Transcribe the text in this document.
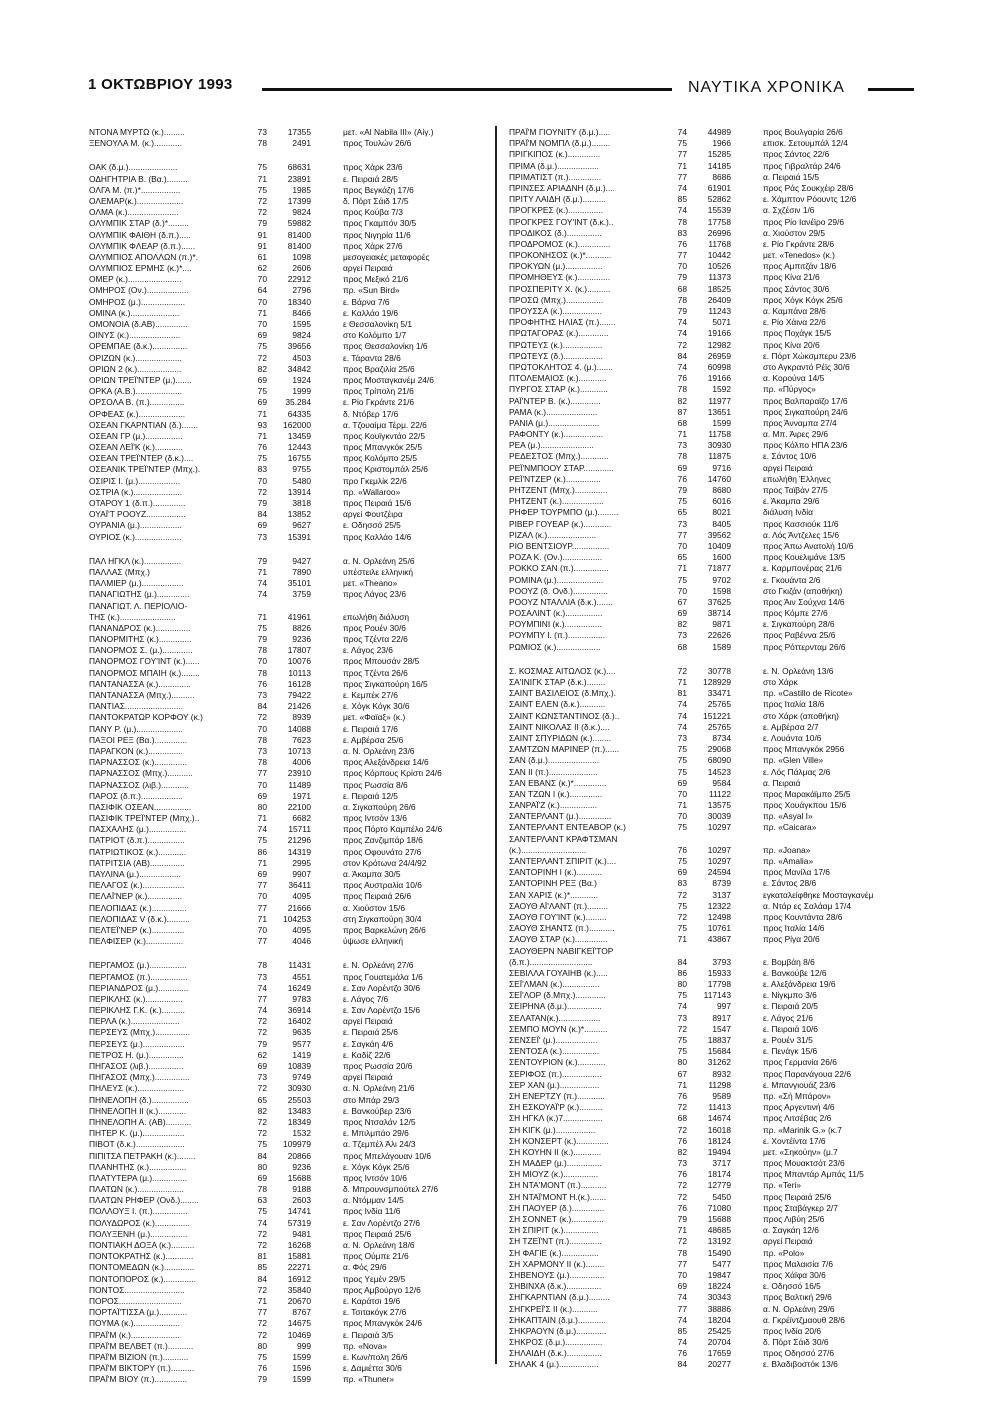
1 ΟΚΤΩΒΡΙΟΥ 1993	ΝΑΥΤΙΚΑ ΧΡΟΝΙΚΑ
ΝΤΟΝΑ ΜΥΡΤΩ (κ.).........	73	17355	μετ. «Al Nabila III» (Αίγ.)
ΞΕΝΟΥΛΑ Μ. (κ.)............	78	2491	προς Τουλών 26/6
ΟΑΚ (δ.μ.).....................	75	68631	προς Χάρκ 23/6
ΟΔΗΓΗΤΡΙΑ Β. (Βα.).........	71	23891	ε. Πειραιά 28/5
ΟΛΓΑ Μ. (π.)*.................	75	1985	προς Βεγκάζη 17/6
ΟΛΕΜΑΡ(κ.)....................	72	17399	δ. Πόρτ Σάιδ 17/5
ΟΛΜΑ (κ.)......................	72	9824	προς Κούβα 7/3
ΟΛΥΜΠΙΚ ΣΤΑΡ (δ.)*.........	79	59882	προς Γκαμπόν 30/5
ΟΛΥΜΠΙΚ ΦΑΙΘΗ (δ.π.).....	91	81400	προς Νιγηρία 11/6
ΟΛΥΜΠΙΚ ΦΛΕΑΡ (δ.π.)......	91	81400	προς Χάρκ 27/6
ΟΛΥΜΠΙΟΣ ΑΠΟΛΛΩΝ (π.)*.	61	1098	μεσογειακές μεταφορές
ΟΛΥΜΠΙΟΣ ΕΡΜΗΣ (κ.)*....	62	2606	αργεί Πειραιά
ΟΜΕΡ (κ.).......................	70	22912	προς Μεξικό 21/6
ΟΜΗΡΟΣ (Ον.)..................	64	2796	πρ. «Sun Bird»
ΟΜΗΡΟΣ (μ.)...................	70	18340	ε. Βάρνα 7/6
ΟΜΙΝΑ (κ.).....................	71	8466	ε. Καλλάο 19/6
ΟΜΟΝΟΙΑ (δ.ΑΒ)..............	70	1595	ε Θεσσαλονίκη 5/1
ΟΙΝΥΣ (κ.)......................	69	9824	στο Κολόμπο 1/7
ΟΡΕΜΠΑΕ (δ.κ.)...............	75	39656	προς Θεσσαλονίκη 1/6
ΟΡΙΖΩΝ (κ.)....................	72	4503	ε. Τάραντα 28/6
ΟΡΙΩΝ 2 (κ.)...................	82	34842	προς Βραζιλία 25/6
ΟΡΙΩΝ ΤΡΕΪ'ΝΤΕΡ (μ.).......	69	1924	προς Μοσταγκανέμ 24/6
ΟΡΚΑ (Α.Β.)....................	75	1999	προς Τρίπολη 21/6
ΟΡΣΟΛΑ Β. (π.)...............	69	35.284	ε. Ρίο Γκράντε 21/6
ΟΡΦΕΑΣ (κ.)....................	71	64335	δ. Ντόβερ 17/6
ΟΣΕΑΝ ΓΚΑΡΝΤΙΑΝ (δ.).......	93	162000	α. Τζουαίμα Τέρμ. 22/6
ΟΣΕΑΝ ΓΡ (μ.)................	71	13459	προς Κουϊγκντάο 22/5
ΟΣΕΑΝ ΛΕΪ'Κ (κ.)............	76	12443	προς Μπανγκόκ 25/5
ΟΣΕΑΝ ΤΡΕΪ'ΝΤΕΡ (δ.κ.)....	75	16755	προς Κολόμπο 25/5
ΟΣΕΑΝΙΚ ΤΡΕΪ'ΝΤΕΡ (Μπχ.).	83	9755	προς Κριστομπάλ 25/6
ΟΣΙΡΙΣ Ι. (μ.)..................	70	5480	προ Γκεμλίκ 22/6
ΟΣΤΡΙΑ (κ.).....................	72	13914	πρ. «Wallaroo»
ΟΤΑΡΟΥ 1 (δ.π.)..............	79	3818	προς Πειραιά 15/6
ΟΥΑΪ'Τ ΡΟΟΥΖ.................	84	13852	αργεί Φουτζέιρα
ΟΥΡΑΝΙΑ (μ.)..................	69	9627	ε. Οδησσό 25/5
ΟΥΡΙΟΣ (κ.)....................	73	15391	προς Καλλάο 14/6
ΠΑΛ ΗΓΚΛ (κ.)................	79	9427	α. Ν. Ορλεάνη 25/6
ΠΑΛΛΑΣ (Μπχ.)	71	7890	υπέστειλε ελληνική
ΠΑΛΜΙΕΡ (μ.)..................	74	35101	μετ. «Theano»
ΠΑΝΑΓΙΩΤΗΣ (μ.)..............	74	3759	προς Λάγος 23/6
ΠΑΝΑΓΙΩΤ. Λ. ΠΕΡΙΟΛΙΟ-
ΤΗΣ (κ.)........................	71	41961	επωλήθη διάλυση
ΠΑΝΑΝΔΡΟΣ (κ.)...............	75	8826	προς Ρουέν 30/6
ΠΑΝΟΡΜΙΤΗΣ (κ.)..............	79	9236	προς Τζέντα 22/6
ΠΑΝΟΡΜΟΣ Σ. (μ.).............	78	17807	ε. Λάγος 23/6
ΠΑΝΟΡΜΟΣ ΓΟΥ'ΙΝΤ (κ.)......	70	10076	προς Μπουσάν 28/5
ΠΑΝΟΡΜΟΣ ΜΠΑΙΗ (κ.)........	78	10113	προς Τζέντα 26/6
ΠΑΝΤΑΝΑΣΣΑ (κ.)..............	76	16128	προς Σιγκαπούρη 16/5
ΠΑΝΤΑΝΑΣΣΑ (Μπχ.)..........	73	79422	ε. Κεμπέκ 27/6
ΠΑΝΤΙΑΣ.........................	84	21426	ε. Χόγκ Κόγκ 30/6
ΠΑΝΤΟΚΡΑΤΩΡ ΚΟΡΦΟΥ (κ.)	72	8939	μετ. «Φαϊαξ» (κ.)
ΠΑΝΥ Ρ. (μ.)....................	70	14088	ε. Πειραιά 17/6
ΠΑΞΟΙ ΡΕΞ (Βα.)..............	78	7623	ε. Αμβέρσα 25/6
ΠΑΡΑΓΚΟΝ (κ.)...............	73	10713	α. Ν. Ορλεάνη 23/6
ΠΑΡΝΑΣΣΟΣ (κ.)..............	78	4006	προς Αλεξάνδρεια 14/6
ΠΑΡΝΑΣΣΟΣ (Μπχ.)...........	77	23910	προς Κόρπους Κρίστι 24/6
ΠΑΡΝΑΣΣΟΣ (λιβ.)............	70	11489	προς Ρωσσία 8/6
ΠΑΡΟΣ (δ.π.)..................	69	1971	ε. Πειραιά 12/5
ΠΑΣΙΦΙΚ ΟΣΕΑΝ................	80	22100	α. Σιγκαπούρη 26/6
ΠΑΣΙΦΙΚ ΤΡΕΪ'ΝΤΕΡ (Μπχ.)..	71	6682	προς Ιντσόν 13/6
ΠΑΣΧΑΛΗΣ (μ.)................	74	15711	προς Πόρτο Καμπέλο 24/6
ΠΑΤΡΙΟΤ (δ.π.)................	75	21296	προς Ζανζιμπάρ 18/6
ΠΑΤΡΙΩΤΙΚΟΣ (κ.)............	86	14319	προς Οφουνάτο 27/6
ΠΑΤΡΙΤΣΙΑ (ΑΒ)...............	71	2995	στον Κρότωνα 24/4/92
ΠΑΥΛΙΝΑ (μ.)..................	69	9907	α. Άκαμπα 30/5
ΠΕΛΑΓΟΣ (κ.)..................	77	36411	προς Αυστραλία 10/6
ΠΕΛΑΪ'ΝΕΡ (κ.)...............	70	4095	προς Πειραιά 26/6
ΠΕΛΟΠΙΔΑΣ (κ.)...............	77	21666	α. Χιούστον 15/6
ΠΕΛΟΠΙΔΑΣ V (δ.κ.)..........	71	104253	στη Σιγκαπούρη 30/4
ΠΕΛΤΕΪ'ΝΕΡ (κ.)..............	70	4095	προς Βαρκελώνη 26/6
ΠΕΛΦΙΣΕΡ (κ.)................	77	4046	ύψωσε ελληνική
ΠΕΡΓΑΜΟΣ (μ.)................	78	11431	ε. Ν. Ορλεάνη 27/6
ΠΕΡΓΑΜΟΣ (π.)................	73	4551	προς Γουατεμάλα 1/6
ΠΕΡΙΑΝΔΡΟΣ (μ.).............	74	16249	ε. Σαν Λορέντζο 30/6
ΠΕΡΙΚΛΗΣ (κ.)................	77	9783	ε. Λάγος 7/6
ΠΕΡΙΚΛΗΣ Γ.Κ. (κ.)..........	74	36914	ε. Σαν Λορέντζο 15/6
ΠΕΡΛΑ (κ.).....................	72	16402	αργεί Πειραιά
ΠΕΡΣΕΥΣ (Μπχ.)...............	72	9635	ε. Πειραιά 25/6
ΠΕΡΣΕΥΣ (μ.)..................	79	9577	ε. Σαγκάη 4/6
ΠΕΤΡΟΣ Η. (μ.)...............	62	1419	ε. Καδίζ 22/6
ΠΗΓΑΣΟΣ (λιβ.)...............	69	10839	προς Ρωσσία 20/6
ΠΗΓΑΣΟΣ (Μπχ.)...............	73	9749	αργεί Πειραιά
ΠΗΛΕΥΣ (κ.)....................	72	30930	α. Ν. Ορλεάνη 21/6
ΠΗΝΕΛΟΠΗ (δ.)................	65	25503	στο Μπάρ 29/3
ΠΗΝΕΛΟΠΗ ΙΙ (κ.)............	82	13483	ε. Βανκούβερ 23/6
ΠΗΝΕΛΟΠΗ Α. (ΑΒ)...........	72	18349	προς Ντσαλάν 12/5
ΠΗΤΕΡ Κ. (μ.)..................	72	1532	ε. Μπιλμπάο 29/6
ΠΙΒΟΤ (δ.κ.).....................	75	109979	α. Τζεμπέλ Άλι 24/3
ΠΙΠΙΤΣΑ ΠΕΤΡΑΚΗ (κ.)........	84	20866	προς Μπελάγουαν 10/6
ΠΛΑΝΗΤΗΣ (κ.)................	80	9236	ε. Χόγκ Κόγκ 25/6
ΠΛΑΤΥΤΕΡΑ (μ.)...............	69	15688	προς Ιντσόν 10/6
ΠΛΑΤΩΝ (κ.)....................	78	9188	δ. Μπρουνσμπούτελ 27/6
ΠΛΑΤΩΝ ΡΗΦΕΡ (Ονδ.)........	63	2603	α. Ντόμμαν 14/5
ΠΟΛΛΟΥΞ Ι. (π.)...............	75	14741	προς Ινδία 11/6
ΠΟΛΥΔΩΡΟΣ (κ.)...............	74	57319	ε. Σαν Λορέντζο 27/6
ΠΟΛΥΞΕΝΗ (μ.)................	72	9481	προς Πειραιά 25/6
ΠΟΝΤΙΑΚΗ ΔΟΞΑ (κ.)..........	72	16268	α. Ν. Ορλεάνη 18/6
ΠΟΝΤΟΚΡΑΤΗΣ (κ.)............	81	15881	προς Ούμπε 21/6
ΠΟΝΤΟΜΕΔΩΝ (κ.).............	85	22271	α. Φός 29/6
ΠΟΝΤΟΠΟΡΟΣ (κ.)..............	84	16912	προς Υεμέν 29/5
ΠΟΝΤΟΣ..........................	72	35840	προς Αμβούργο 12/6
ΠΟΡΟΣ...........................	71	20670	ε. Καράτσι 19/6
ΠΟΡΤΑΪ'ΤΙΣΣΑ (μ.)............	77	8767	ε. Τσιτακόγκ 27/6
ΠΟΥΜΑ (κ.)....................	72	14675	προς Μπανγκόκ 24/6
ΠΡΑΪ'Μ (κ.).....................	72	10469	ε. Πειραιά 3/5
ΠΡΑΪ'Μ ΒΕΛΒΕΤ (π.)...........	80	999	πρ. «Nova»
ΠΡΑΪ'Μ ΒΙΖΙΟΝ (π.)...........	75	1599	ε. Κων/πολη 26/6
ΠΡΑΪ'Μ ΒΙΚΤΟΡΥ (π.)..........	76	1596	ε. Δαμιέττα 30/6
ΠΡΑΪ'Μ ΒΙΟΥ (π.)..............	79	1599	πρ. «Thuner»
ΠΡΑΪ'Μ ΓΙΟΥΝΙΤΥ (δ.μ.).....	74	44989	προς Βουλγαρία 26/6
ΠΡΑΪ'Μ ΝΟΜΠΛ (δ.μ.)........	75	1966	επισκ. Σετουμπάλ 12/4
ΠΡΙΓΚΙΠΟΣ (κ.)..............	77	15285	προς Σάντος 22/6
ΠΡΙΜΑ (δ.μ.)..................	71	14185	προς Γιβραλτάρ 24/6
ΠΡΙΜΑΤΙΣΤ (π.)..............	77	8686	α. Πειραιά 15/5
ΠΡΙΝΣΕΣ ΑΡΙΑΔΝΗ (δ.μ.)....	74	61901	προς Ράς Σουκχέιρ 28/6
ΠΡΙΤΥ ΛΑΙΔΗ (δ.μ.)..........	85	52862	ε. Χάμπτον Ρόουντς 12/6
ΠΡΟΓΚΡΕΣ (κ.)...............	74	15539	α. Σχζέσιν 1/6
ΠΡΟΓΚΡΕΣ ΓΟΥ'ΙΝΤ (δ.κ.)..	78	17758	προς Ρίο Ιανέϊρο 29/6
ΠΡΟΔΙΚΟΣ (δ.)...............	83	26996	α. Χιούστον 29/5
ΠΡΟΔΡΟΜΟΣ (κ.)..............	76	11768	ε. Ρίο Γκράντε 28/6
ΠΡΟΚΟΝΗΣΟΣ (κ.)*...........	77	10442	μετ. «Tenedos» (κ.)
ΠΡΟΚΥΩΝ (μ.)................	70	10526	προς Αμπιτζάν 18/6
ΠΡΟΜΗΘΕΥΣ (κ.)..............	79	11373	προς Κίνα 21/6
ΠΡΟΣΠΕΡΙΤΥ Χ. (κ.)..........	68	18525	προς Σάντος 30/6
ΠΡΟΣΩ (Μπχ.)................	78	26409	προς Χόγκ Κόγκ 25/6
ΠΡΟΥΣΣΑ (κ.).................	79	11243	α. Καμπάνα 28/6
ΠΡΟΦΗΤΗΣ ΗΛΙΑΣ (π.).......	74	5071	ε. Ρίο Χάινα 22/6
ΠΡΩΤΑΓΟΡΑΣ (κ.).............	74	19166	προς Ποχάγκ 15/5
ΠΡΩΤΕΥΣ (κ.).................	72	12982	προς Κίνα 20/6
ΠΡΩΤΕΥΣ (δ.).................	84	26959	ε. Πόρτ Χώκσμπερυ 23/6
ΠΡΩΤΟΚΛΗΤΟΣ 4. (μ.).......	74	60998	στο Αγκραντό Ρέϊς 30/6
ΠΤΟΛΕΜΑΙΟΣ (κ.)............	76	19166	α. Κορούνα 14/5
ΠΥΡΓΟΣ ΣΤΑΡ (κ.)............	78	1592	πρ. «Πύργος»
ΡΑΪ'ΝΤΕΡ Β. (κ.).............	82	11977	προς Βαλπαραϊζο 17/6
ΡΑΜΑ (κ.)......................	87	13651	προς Σιγκαπούρη 24/6
ΡΑΝΙΑ (μ.)......................	68	1599	προς Άνναμπα 27/4
ΡΑΦΟΝΤΥ (κ.).................	71	11758	α. Μπ. Άιρες 29/6
ΡΕΑ (μ.).......................	73	30930	προς Κόλπο ΗΠΑ 23/6
ΡΕΔΕΣΤΟΣ (Μπχ.)............	78	11875	ε. Σάντος 10/6
ΡΕΪ'ΝΜΠΟΟΥ ΣΤΑΡ.............	69	9716	αργεί Πειραιά
ΡΕΪ'ΝΤΖΕΡ (κ.)...............	76	14760	επωλήθη Έλληνες
ΡΗΤΖΕΝΤ (Μπχ.)..............	79	8680	προς Ταϊβάν 27/5
ΡΗΤΖΕΝΤ (κ.)..................	75	6016	ε. Άκαμπα 29/6
ΡΗΦΕΡ ΤΟΥΡΜΠΟ (μ.).........	65	8021	διάλυση Ινδία
ΡΙΒΕΡ ΓΟΥΕΑΡ (κ.)............	73	8405	προς Κασσιούκ 11/6
ΡΙΖΑΛ (κ.).....................	77	39562	α. Λός Άντζελες 15/6
ΡΙΟ ΒΕΝΤΣΙΟΥΡ................	70	10409	προς Άπω Ανατολή 10/6
ΡΟΖΑ Κ. (Ον.).................	65	1600	προς Κουελιμάνε 13/5
ΡΟΚΚΟ ΣΑΝ (π.)...............	71	71877	ε. Καρμπονέρας 21/6
ΡΟΜΙΝΑ (μ.)....................	75	9702	ε. Γκουάντα 2/6
ΡΟΟΥΖ (δ. Ονδ.)...............	70	1598	στο Γκιζάν (αποθήκη)
ΡΟΟΥΖ ΝΤΑΛΛΙΑ (δ.κ.).......	67	37625	προς Άιν Σούχνα 14/6
ΡΟΣΑΛΙΝΤ (κ.)................	69	38714	προς Κόμπε 27/6
ΡΟΥΜΠΙΝΙ (κ.)................	82	9871	ε. Σιγκαπούρη 28/6
ΡΟΥΜΠΥ Ι. (π.)................	73	22626	προς Ραβέννα 25/6
ΡΩΜΙΟΣ (κ.)...................	68	1589	προς Ρόττερνταμ 26/6
Σ. ΚΟΣΜΑΣ ΑΙΤΩΛΟΣ (κ.)....	72	30778	ε. Ν. Ορλεάνη 13/6
ΣΑ'ΙΝΙΓΚ ΣΤΑΡ (δ.κ.)........	71	128929	στο Χάρκ
ΣΑΙΝΤ ΒΑΣΙΛΕΙΟΣ (δ.Μπχ.).	81	33471	πρ. «Castillo de Ricote»
ΣΑΙΝΤ ΕΛΕΝ (δ.κ.)...........	74	25765	προς Ιταλία 18/6
ΣΑΙΝΤ ΚΩΝΣΤΑΝΤΙΝΟΣ (δ.)..	74	151221	στο Χάρκ (αποθήκη)
ΣΑΙΝΤ ΝΙΚΟΛΑΣ ΙΙ (δ.κ.)....	74	25765	ε. Αμβέρσα 2/7
ΣΑΙΝΤ ΣΠΥΡΙΔΩΝ (κ.)........	73	8734	ε. Λουάντα 10/6
ΣΑΜΤΖΩΝ ΜΑΡΙΝΕΡ (π.)......	75	29068	προς Μπανγκόκ 2956
ΣΑΝ (δ.μ.)......................	75	68090	πρ. «Glen Ville»
ΣΑΝ ΙΙ (π.).....................	75	14523	ε. Λός Πάλμας 2/6
ΣΑΝ ΕΒΑΝΣ (κ.)*..............	69	9584	α. Πειραιά
ΣΑΝ ΤΖΩΝ Ι (κ.)..............	70	11122	προς Μαρακάϊμπο 25/5
ΣΑΝΡΑΪ'Ζ (κ.)................	71	13575	προς Χουάγκπου 15/6
ΣΑΝΤΕΡΛΑΝΤ (μ.)..............	70	30039	πρ. «Asyal I»
ΣΑΝΤΕΡΛΑΝΤ ΕΝΤΕΑΒΟΡ (κ.)	75	10297	πρ. «Caicara»
ΣΑΝΤΕΡΛΑΝΤ ΚΡΑΦΤΣΜΑΝ
(κ.)............................	76	10297	πρ. «Joana»
ΣΑΝΤΕΡΛΑΝΤ ΣΠΙΡΙΤ (κ.)....	75	10297	πρ. «Amalia»
ΣΑΝΤΟΡΙΝΗ Ι (κ.)...........	69	24594	προς Μανίλα 17/6
ΣΑΝΤΟΡΙΝΗ ΡΕΞ (Βα.)	83	8739	ε. Σάντος 28/6
ΣΑΝ ΧΑΡΙΣ (κ.)*............	72	3137	εγκαταλείφθηκε Μοσταγκανέμ
ΣΑΟΥΘ ΑΪ'ΛΑΝΤ (π.).........	75	12322	α. Ντάρ ες Σαλάαμ 17/4
ΣΑΟΥΘ ΓΟΥ'ΙΝΤ (κ.).........	72	12498	προς Κουντάντα 28/6
ΣΑΟΥΘ ΣΗΑΝΤΣ (π.)...........	75	10761	προς Ιταλία 14/6
ΣΑΟΥΘ ΣΤΑΡ (κ.)..............	71	43867	προς Ρίγα 20/6
ΣΑΟΥΘΕΡΝ ΝΑΒΙΓΚΕΪ'ΤΟΡ
(δ.π.)...........................	84	3793	ε. Βομβάη 8/6
ΣΕΒΙΛΛΑ ΓΟΥΑΙΗΒ (κ.).....	86	15933	ε. Βανκούβε 12/6
ΣΕΪ'ΛΜΑΝ (κ.)................	80	17798	ε. Αλεξάνδρεια 19/6
ΣΕΪ'ΛΟΡ (δ.Μπχ.).............	75	117143	ε. Νίγκμπο 3/6
ΣΕΙΡΗΝΑ (δ.μ.)...............	74	997	ε. Πειραιά 20/5
ΣΕΛΑΤΑΝ(κ.)..................	73	8917	ε. Λάγος 21/6
ΣΕΜΠΟ ΜΟΥΝ (κ.)*..........	72	1547	ε. Πειραιά 10/6
ΣΕΝΣΕΪ' (μ.)..................	75	18837	ε. Ρουέν 31/5
ΣΕΝΤΟΣΑ (κ.)................	75	15684	ε. Πενάγκ 15/6
ΣΕΝΤΟΥΡΙΟΝ (κ.)............	80	31262	προς Γερμανία 26/6
ΣΕΡΙΦΟΣ (π.).................	67	8932	προς Παρανάγουα 22/6
ΣΕΡ ΧΑΝ (μ.).................	71	11298	ε. Μπανγιουάζ 23/6
ΣΗ ΕΝΕΡΤΖΥ (π.)............	76	9589	πρ. «Σή Μπάρον»
ΣΗ ΕΣΚΟΥΑΪ'Ρ (κ.)..........	72	11413	προς Αργεντινή 4/6
ΣΗ ΗΓΚΛ (κ.)7.................	68	14674	προς Λιτσέβας 2/6
ΣΗ ΚΙΓΚ (μ.).................	72	16018	πρ. «Marinik G.» (κ.7
ΣΗ ΚΟΝΣΕΡΤ (κ.)..............	76	18124	ε. Χοντέϊντα 17/6
ΣΗ ΚΟΥΗΝ ΙΙ (κ.)............	82	19494	μετ. «Σηκούην» (μ.7
ΣΗ ΜΑΔΕΡ (μ.)...............	73	3717	προς Μουακτσότ 23/6
ΣΗ ΜΙΟΥΖ (κ.)...............	76	18174	προς Μπαντάρ Αμπάς 11/5
ΣΗ ΝΤΑ'ΜΟΝΤ (π.)...........	72	12779	πρ. «Teri»
ΣΗ ΝΤΑΪ'ΜΟΝΤ Η.(κ.).......	72	5450	προς Πειραιά 25/6
ΣΗ ΠΑΟΥΕΡ (δ.)..............	76	71080	προς Σταβάγκερ 2/7
ΣΗ ΣΟΝΝΕΤ (κ.)..............	79	15688	προς Λιβύη 25/6
ΣΗ ΣΠΙΡΙΤ (κ.)...............	71	48685	α. Σαγκάη 12/6
ΣΗ ΤΖΕΪ'ΝΤ (π.)..............	72	13192	αργεί Πειραιά
ΣΗ ΦΑΓΙΕ (κ.)................	78	15490	πρ. «Polo»
ΣΗ ΧΑΡΜΟΝΥ ΙΙ (κ.)........	77	5477	προς Μαλαισία 7/6
ΣΗΒΕΝΟΥΣ (μ.)...............	70	19847	προς Χάϊφα 30/6
ΣΗΒΙΝΧΑ (δ.κ.)...............	69	18224	ε. Οδησσό 16/5
ΣΗΓΚΑΡΝΤΙΑΝ (δ.μ.).........	74	30343	προς Βαλτική 29/6
ΣΗΓΚΡΕΪ'Σ ΙΙ (κ.)...........	77	38886	α. Ν. Ορλεάνη 29/6
ΣΗΚΑΠΤΑΙΝ (δ.μ.)............	74	18204	α. Γκρέϊντζμαουθ 28/6
ΣΗΚΡΑΟΥΝ (δ.μ.).............	85	25425	προς Ινδία 20/6
ΣΗΚΡΟΣ (δ.μ.)................	74	20704	δ. Πόρτ Σάιδ 30/6
ΣΗΛΑΙΔΗ (δ.κ.)...............	76	17659	προς Οδησσό 27/6
ΣΗΛΑΚ 4 (μ.).................	84	20277	ε. Βλαδιβοστόκ 13/6
